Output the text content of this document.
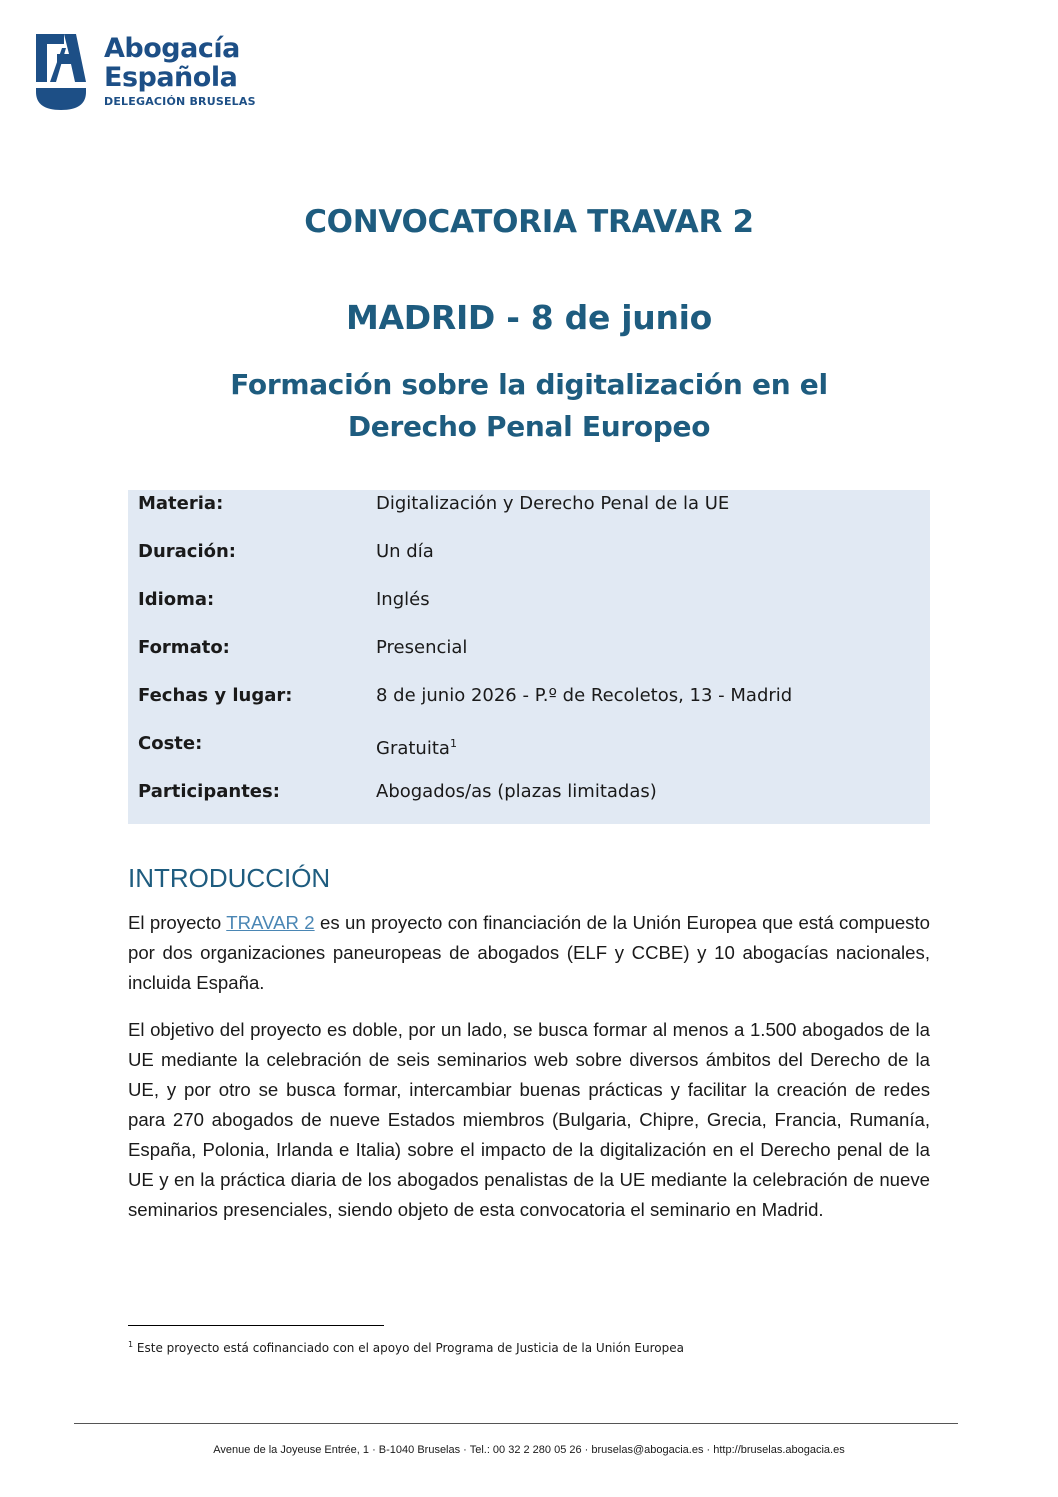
Abogacía
Española
DELEGACIÓN BRUSELAS
CONVOCATORIA TRAVAR 2
MADRID - 8 de junio
Formación sobre la digitalización en el
Derecho Penal Europeo
Materia:	Digitalización y Derecho Penal de la UE
Duración:	Un día
Idioma:	Inglés
Formato:	Presencial
Fechas y lugar:	8 de junio 2026 - P.º de Recoletos, 13 - Madrid
Coste:	Gratuita$^1$
Participantes:	Abogados/as (plazas limitadas)
INTRODUCCIÓN
El proyecto TRAVAR 2 es un proyecto con financiación de la Unión Europea que está compuesto por dos organizaciones paneuropeas de abogados (ELF y CCBE) y 10 abogacías nacionales, incluida España.
El objetivo del proyecto es doble, por un lado, se busca formar al menos a 1.500 abogados de la UE mediante la celebración de seis seminarios web sobre diversos ámbitos del Derecho de la UE, y por otro se busca formar, intercambiar buenas prácticas y facilitar la creación de redes para 270 abogados de nueve Estados miembros (Bulgaria, Chipre, Grecia, Francia, Rumanía, España, Polonia, Irlanda e Italia) sobre el impacto de la digitalización en el Derecho penal de la UE y en la práctica diaria de los abogados penalistas de la UE mediante la celebración de nueve seminarios presenciales, siendo objeto de esta convocatoria el seminario en Madrid.
$^1$ Este proyecto está cofinanciado con el apoyo del Programa de Justicia de la Unión Europea
Avenue de la Joyeuse Entrée, 1 · B-1040 Bruselas · Tel.: 00 32 2 280 05 26 · bruselas@abogacia.es · http://bruselas.abogacia.es
